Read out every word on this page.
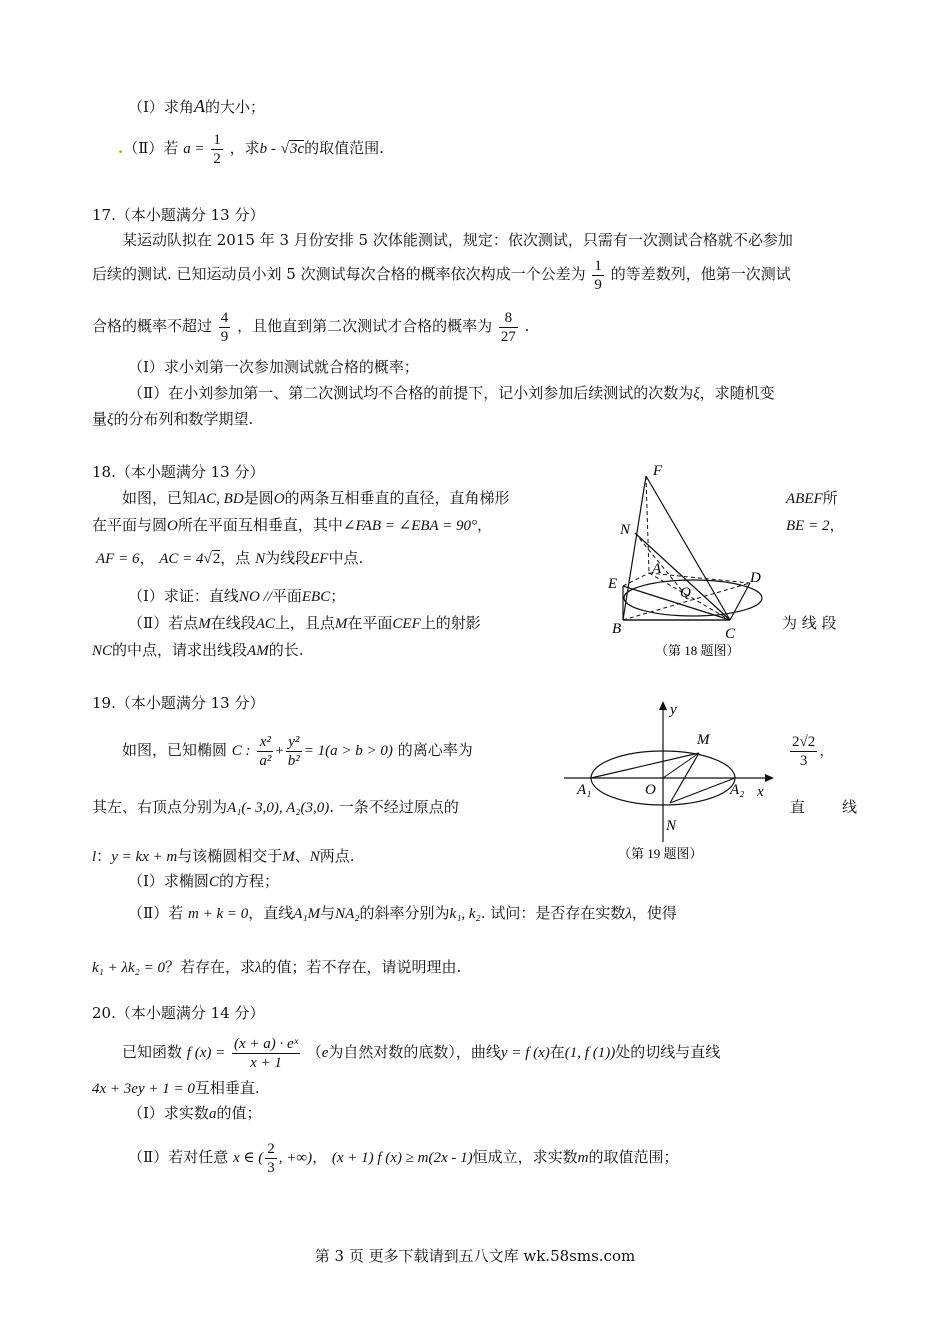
（Ⅰ）求角A的大小；
.（Ⅱ）若 $a = \frac{1}{2}$ ，求b - √3c的取值范围.
17.（本小题满分 13 分）
某运动队拟在 2015 年 3 月份安排 5 次体能测试，规定：依次测试，只需有一次测试合格就不必参加
后续的测试. 已知运动员小刘 5 次测试每次合格的概率依次构成一个公差为 $\frac{1}{9}$ 的等差数列，他第一次测试
合格的概率不超过 $\frac{4}{9}$ ，且他直到第二次测试才合格的概率为 $\frac{8}{27}$ .
（Ⅰ）求小刘第一次参加测试就合格的概率；
（Ⅱ）在小刘参加第一、第二次测试均不合格的前提下，记小刘参加后续测试的次数为ξ，求随机变
量ξ的分布列和数学期望.
18.（本小题满分 13 分）
如图，已知AC, BD是圆O的两条互相垂直的直径，直角梯形	ABEF所
在平面与圆O所在平面互相垂直，其中∠FAB = ∠EBA = 90°，	BE = 2，
AF = 6， AC = 4√2，点 N为线段EF中点.
（Ⅰ）求证：直线NO //平面EBC；
（Ⅱ）若点M在线段AC上，且点M在平面CEF上的射影	为 线 段
NC的中点，请求出线段AM的长.
F
N
A
Q
D
E
B	C
（第 18 题图）
19.（本小题满分 13 分）
如图，已知椭圆 C : $\frac{\text{x²}}{\text{a²}} + \frac{\text{y²}}{\text{b²}} = 1(a > b > 0)$ 的离心率为	$\frac{2√2}{3}$ ，
其左、右顶点分别为A₁(- 3,0), A₂(3,0). 一条不经过原点的	直 线
l：y = kx + m与该椭圆相交于M、N两点.
（Ⅰ）求椭圆C的方程；
（Ⅱ）若 m + k = 0，直线A₁M与NA₂的斜率分别为k₁, k₂. 试问：是否存在实数λ，使得
k₁ + λk₂ = 0？若存在，求λ的值；若不存在，请说明理由.
y
x
M
O
A₁	A₂
N
（第 19 题图）
20.（本小题满分 14 分）
已知函数 f $(x) = \frac{\text{(x + a) · eˣ}}{x + 1} (e$为自然对数的底数），曲线y = f (x)在(1, f (1))处的切线与直线
4x + 3ey + 1 = 0互相垂直.
（Ⅰ）求实数a的值；
（Ⅱ）若对任意 x ∈ ( $\frac{2}{3}$ , +∞)， (x + 1) f (x) ≥ m(2x - 1)恒成立，求实数m的取值范围；
第 3 页 更多下载请到五八文库 wk.58sms.com
